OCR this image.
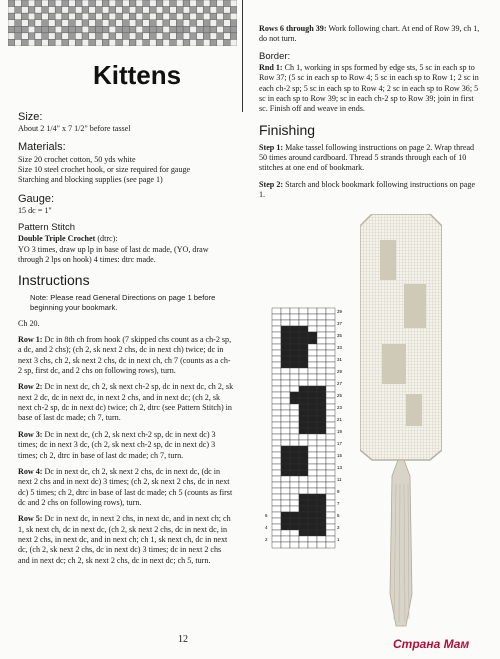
Kittens
Size:

About 2 1/4" x 7 1/2" before tassel

Materials:

Size 20 crochet cotton, 50 yds white

Size 10 steel crochet hook, or size required for gauge

Starching and blocking supplies (see page 1)

Gauge:

15 dc = 1"

Pattern Stitch

Double Triple Crochet (dtrc):

YO 3 times, draw up lp in base of last dc made, (YO, draw through 2 lps on hook) 4 times: dtrc made.

Instructions

Note: Please read General Directions on page 1 before beginning your bookmark.

Ch 20.

Row 1: Dc in 8th ch from hook (7 skipped chs count as a ch-2 sp, a dc, and 2 chs); (ch 2, sk next 2 chs, dc in next ch) twice; dc in next 3 chs, ch 2, sk next 2 chs, dc in next ch, ch 7 (counts as a ch-2 sp, first dc, and 2 chs on following rows), turn.

Row 2: Dc in next dc, ch 2, sk next ch-2 sp, dc in next dc, ch 2, sk next 2 dc, dc in next dc, in next 2 chs, and in next dc; (ch 2, sk next ch-2 sp, dc in next dc) twice; ch 2, dtrc (see Pattern Stitch) in base of last dc made; ch 7, turn.

Row 3: Dc in next dc, (ch 2, sk next ch-2 sp, dc in next dc) 3 times; dc in next 3 dc, (ch 2, sk next ch-2 sp, dc in next dc) 3 times; ch 2, dtrc in base of last dc made; ch 7, turn.

Row 4: Dc in next dc, ch 2, sk next 2 chs, dc in next dc, (dc in next 2 chs and in next dc) 3 times; (ch 2, sk next 2 chs, dc in next dc) 5 times; ch 2, dtrc in base of last dc made; ch 5 (counts as first dc and 2 chs on following rows), turn.

Row 5: Dc in next dc, in next 2 chs, in next dc, and in next ch; ch 1, sk next ch, dc in next dc, (ch 2, sk next 2 chs, dc in next dc, in next 2 chs, in next dc, and in next ch; ch 1, sk next ch, dc in next dc, (ch 2, sk next 2 chs, dc in next dc) 3 times; dc in next 2 chs and in next dc; ch 2, sk next 2 chs, dc in next dc; ch 5, turn.

Rows 6 through 39: Work following chart. At end of Row 39, ch 1, do not turn.

Border:

Rnd 1: Ch 1, working in sps formed by edge sts, 5 sc in each sp to Row 37; (5 sc in each sp to Row 4; 5 sc in each sp to Row 1; 2 sc in each ch-2 sp; 5 sc in each sp to Row 4; 2 sc in each sp to Row 36; 5 sc in each sp to Row 39; sc in each ch-2 sp to Row 39; join in first sc. Finish off and weave in ends.

Finishing

Step 1: Make tassel following instructions on page 2. Wrap thread 50 times around cardboard. Thread 5 strands through each of 10 stitches at one end of bookmark.

Step 2: Starch and block bookmark following instructions on page 1.

39
37
35
33
31
29
27
25
23
21
19
17
15
13
11
9
7
5
3
1
6
4
2
12	Страна Мам
